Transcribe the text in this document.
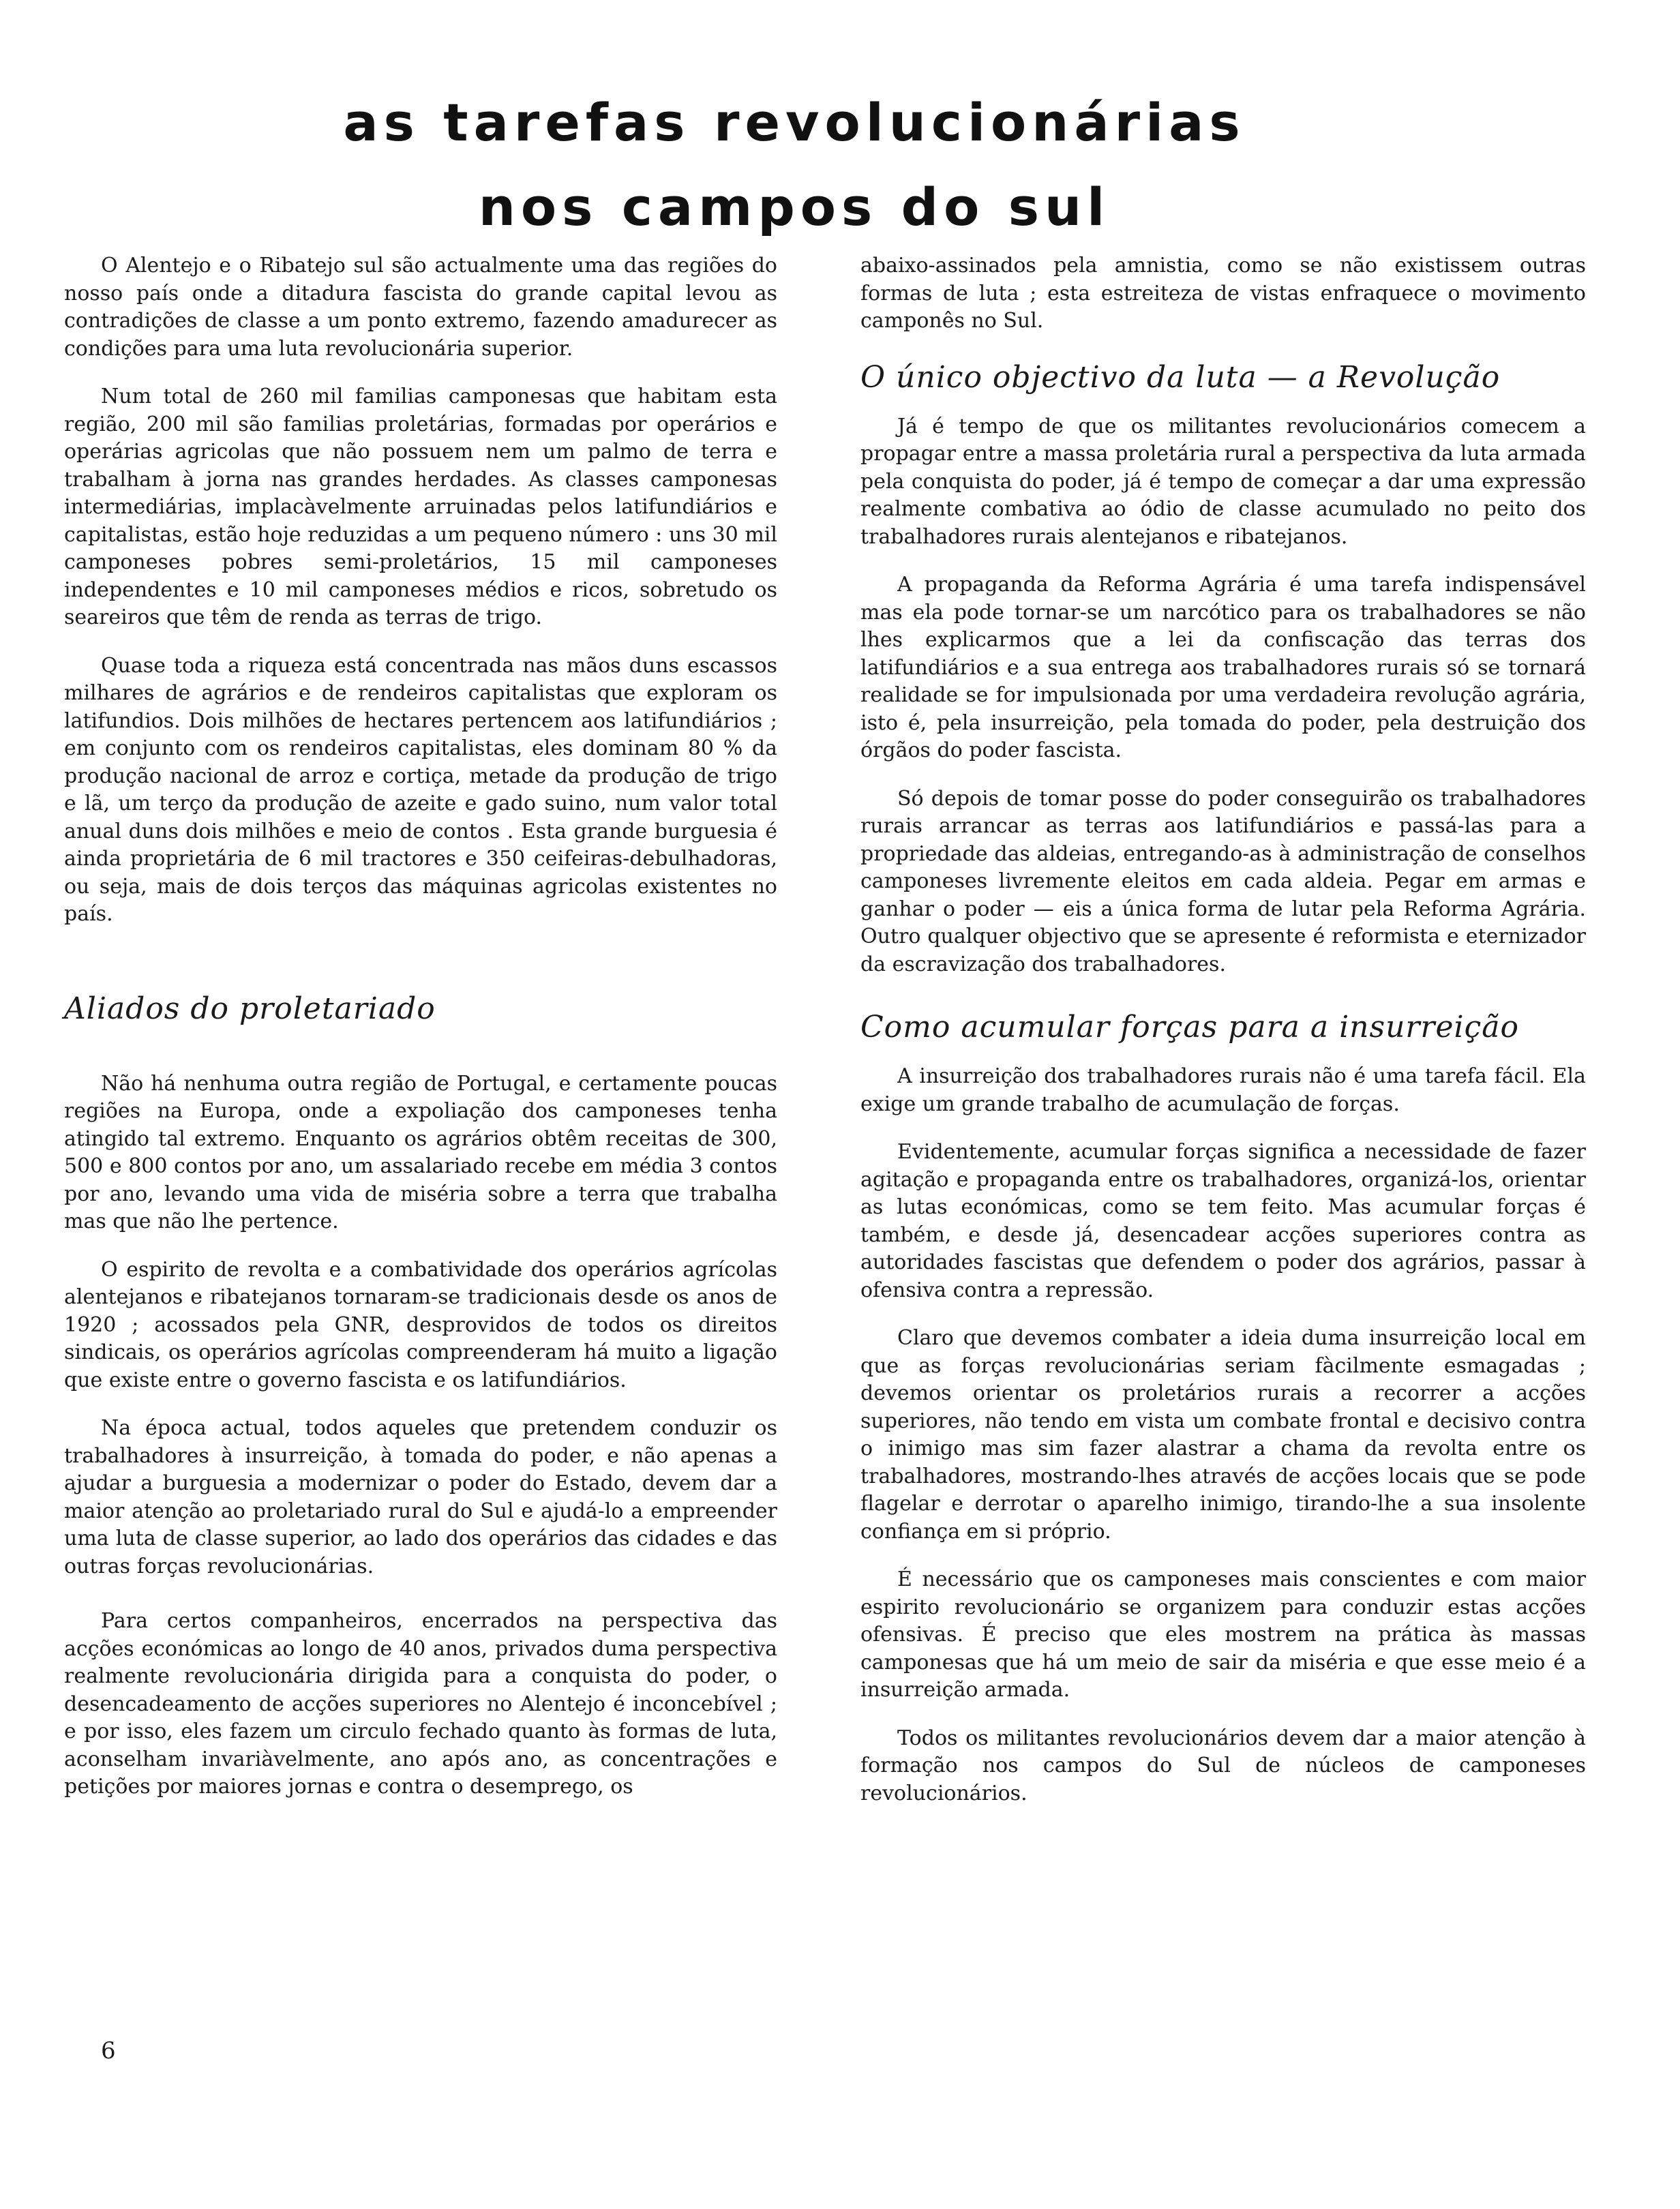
as tarefas revolucionárias
nos campos do sul

O Alentejo e o Ribatejo sul são actualmente uma das regiões do nosso país onde a ditadura fascista do grande capital levou as contradições de classe a um ponto extremo, fazendo amadurecer as condições para uma luta revolucionária superior.

Num total de 260 mil familias camponesas que habitam esta região, 200 mil são familias proletárias, formadas por operários e operárias agricolas que não possuem nem um palmo de terra e trabalham à jorna nas grandes herdades. As classes camponesas intermediárias, implacàvelmente arruinadas pelos latifundiários e capitalistas, estão hoje reduzidas a um pequeno número : uns 30 mil camponeses pobres semi-proletários, 15 mil camponeses independentes e 10 mil camponeses médios e ricos, sobretudo os seareiros que têm de renda as terras de trigo.

Quase toda a riqueza está concentrada nas mãos duns escassos milhares de agrários e de rendeiros capitalistas que exploram os latifundios. Dois milhões de hectares pertencem aos latifundiários ; em conjunto com os rendeiros capitalistas, eles dominam 80 % da produção nacional de arroz e cortiça, metade da produção de trigo e lã, um terço da produção de azeite e gado suino, num valor total anual duns dois milhões e meio de contos . Esta grande burguesia é ainda proprietária de 6 mil tractores e 350 ceifeiras-debulhadoras, ou seja, mais de dois terços das máquinas agricolas existentes no país.

Aliados do proletariado

Não há nenhuma outra região de Portugal, e certamente poucas regiões na Europa, onde a expoliação dos camponeses tenha atingido tal extremo. Enquanto os agrários obtêm receitas de 300, 500 e 800 contos por ano, um assalariado recebe em média 3 contos por ano, levando uma vida de miséria sobre a terra que trabalha mas que não lhe pertence.

O espirito de revolta e a combatividade dos operários agrícolas alentejanos e ribatejanos tornaram-se tradicionais desde os anos de 1920 ; acossados pela GNR, desprovidos de todos os direitos sindicais, os operários agrícolas compreenderam há muito a ligação que existe entre o governo fascista e os latifundiários.

Na época actual, todos aqueles que pretendem conduzir os trabalhadores à insurreição, à tomada do poder, e não apenas a ajudar a burguesia a modernizar o poder do Estado, devem dar a maior atenção ao proletariado rural do Sul e ajudá-lo a empreender uma luta de classe superior, ao lado dos operários das cidades e das outras forças revolucionárias.

Para certos companheiros, encerrados na perspectiva das acções económicas ao longo de 40 anos, privados duma perspectiva realmente revolucionária dirigida para a conquista do poder, o desencadeamento de acções superiores no Alentejo é inconcebível ; e por isso, eles fazem um circulo fechado quanto às formas de luta, aconselham invariàvelmente, ano após ano, as concentrações e petições por maiores jornas e contra o desemprego, os

abaixo-assinados pela amnistia, como se não existissem outras formas de luta ; esta estreiteza de vistas enfraquece o movimento camponês no Sul.

O único objectivo da luta — a Revolução

Já é tempo de que os militantes revolucionários comecem a propagar entre a massa proletária rural a perspectiva da luta armada pela conquista do poder, já é tempo de começar a dar uma expressão realmente combativa ao ódio de classe acumulado no peito dos trabalhadores rurais alentejanos e ribatejanos.

A propaganda da Reforma Agrária é uma tarefa indispensável mas ela pode tornar-se um narcótico para os trabalhadores se não lhes explicarmos que a lei da confiscação das terras dos latifundiários e a sua entrega aos trabalhadores rurais só se tornará realidade se for impulsionada por uma verdadeira revolução agrária, isto é, pela insurreição, pela tomada do poder, pela destruição dos órgãos do poder fascista.

Só depois de tomar posse do poder conseguirão os trabalhadores rurais arrancar as terras aos latifundiários e passá-las para a propriedade das aldeias, entregando-as à administração de conselhos camponeses livremente eleitos em cada aldeia. Pegar em armas e ganhar o poder — eis a única forma de lutar pela Reforma Agrária. Outro qualquer objectivo que se apresente é reformista e eternizador da escravização dos trabalhadores.

Como acumular forças para a insurreição

A insurreição dos trabalhadores rurais não é uma tarefa fácil. Ela exige um grande trabalho de acumulação de forças.

Evidentemente, acumular forças significa a necessidade de fazer agitação e propaganda entre os trabalhadores, organizá-los, orientar as lutas económicas, como se tem feito. Mas acumular forças é também, e desde já, desencadear acções superiores contra as autoridades fascistas que defendem o poder dos agrários, passar à ofensiva contra a repressão.

Claro que devemos combater a ideia duma insurreição local em que as forças revolucionárias seriam fàcilmente esmagadas ; devemos orientar os proletários rurais a recorrer a acções superiores, não tendo em vista um combate frontal e decisivo contra o inimigo mas sim fazer alastrar a chama da revolta entre os trabalhadores, mostrando-lhes através de acções locais que se pode flagelar e derrotar o aparelho inimigo, tirando-lhe a sua insolente confiança em si próprio.

É necessário que os camponeses mais conscientes e com maior espirito revolucionário se organizem para conduzir estas acções ofensivas. É preciso que eles mostrem na prática às massas camponesas que há um meio de sair da miséria e que esse meio é a insurreição armada.

Todos os militantes revolucionários devem dar a maior atenção à formação nos campos do Sul de núcleos de camponeses revolucionários.

6
